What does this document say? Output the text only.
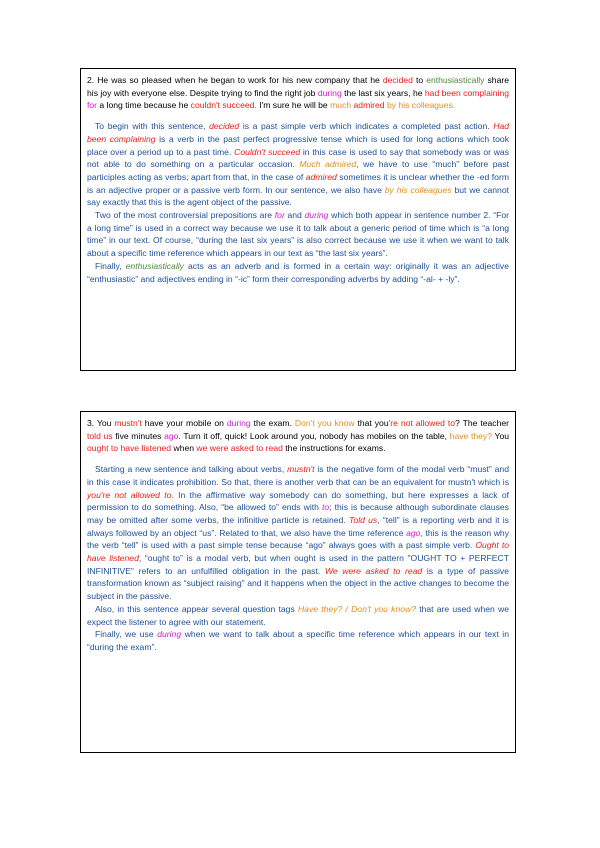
2. He was so pleased when he began to work for his new company that he decided to enthusiastically share his joy with everyone else. Despite trying to find the right job during the last six years, he had been complaining for a long time because he couldn't succeed. I'm sure he will be much admired by his colleagues.

To begin with this sentence, decided is a past simple verb which indicates a completed past action. Had been complaining is a verb in the past perfect progressive tense which is used for long actions which took place over a period up to a past time. Couldn't succeed in this case is used to say that somebody was or was not able to do something on a particular occasion. Much admired, we have to use “much” before past participles acting as verbs; apart from that, in the case of admired sometimes it is unclear whether the -ed form is an adjective proper or a passive verb form. In our sentence, we also have by his colleagues but we cannot say exactly that this is the agent object of the passive.

Two of the most controversial prepositions are for and during which both appear in sentence number 2. “For a long time” is used in a correct way because we use it to talk about a generic period of time which is “a long time” in our text. Of course, “during the last six years” is also correct because we use it when we want to talk about a specific time reference which appears in our text as “the last six years”.

Finally, enthusiastically acts as an adverb and is formed in a certain way: originally it was an adjective “enthusiastic” and adjectives ending in “-ic” form their corresponding adverbs by adding “-al- + -ly”.

3. You mustn't have your mobile on during the exam. Don't you know that you're not allowed to? The teacher told us five minutes ago. Turn it off, quick! Look around you, nobody has mobiles on the table, have they? You ought to have listened when we were asked to read the instructions for exams.

Starting a new sentence and talking about verbs, mustn't is the negative form of the modal verb “must” and in this case it indicates prohibition. So that, there is another verb that can be an equivalent for mustn't which is you're not allowed to. In the affirmative way somebody can do something, but here expresses a lack of permission to do something. Also, “be allowed to” ends with to; this is because although subordinate clauses may be omitted after some verbs, the infinitive particle is retained. Told us, “tell” is a reporting verb and it is always followed by an object “us”. Related to that, we also have the time reference ago, this is the reason why the verb “tell” is used with a past simple tense because “ago” always goes with a past simple verb. Ought to have listened, “ought to” is a modal verb, but when ought is used in the pattern "OUGHT TO + PERFECT INFINITIVE" refers to an unfulfilled obligation in the past. We were asked to read is a type of passive transformation known as “subject raising” and it happens when the object in the active changes to become the subject in the passive.

Also, in this sentence appear several question tags Have they? / Don't you know? that are used when we expect the listener to agree with our statement.

Finally, we use during when we want to talk about a specific time reference which appears in our text in “during the exam”.
